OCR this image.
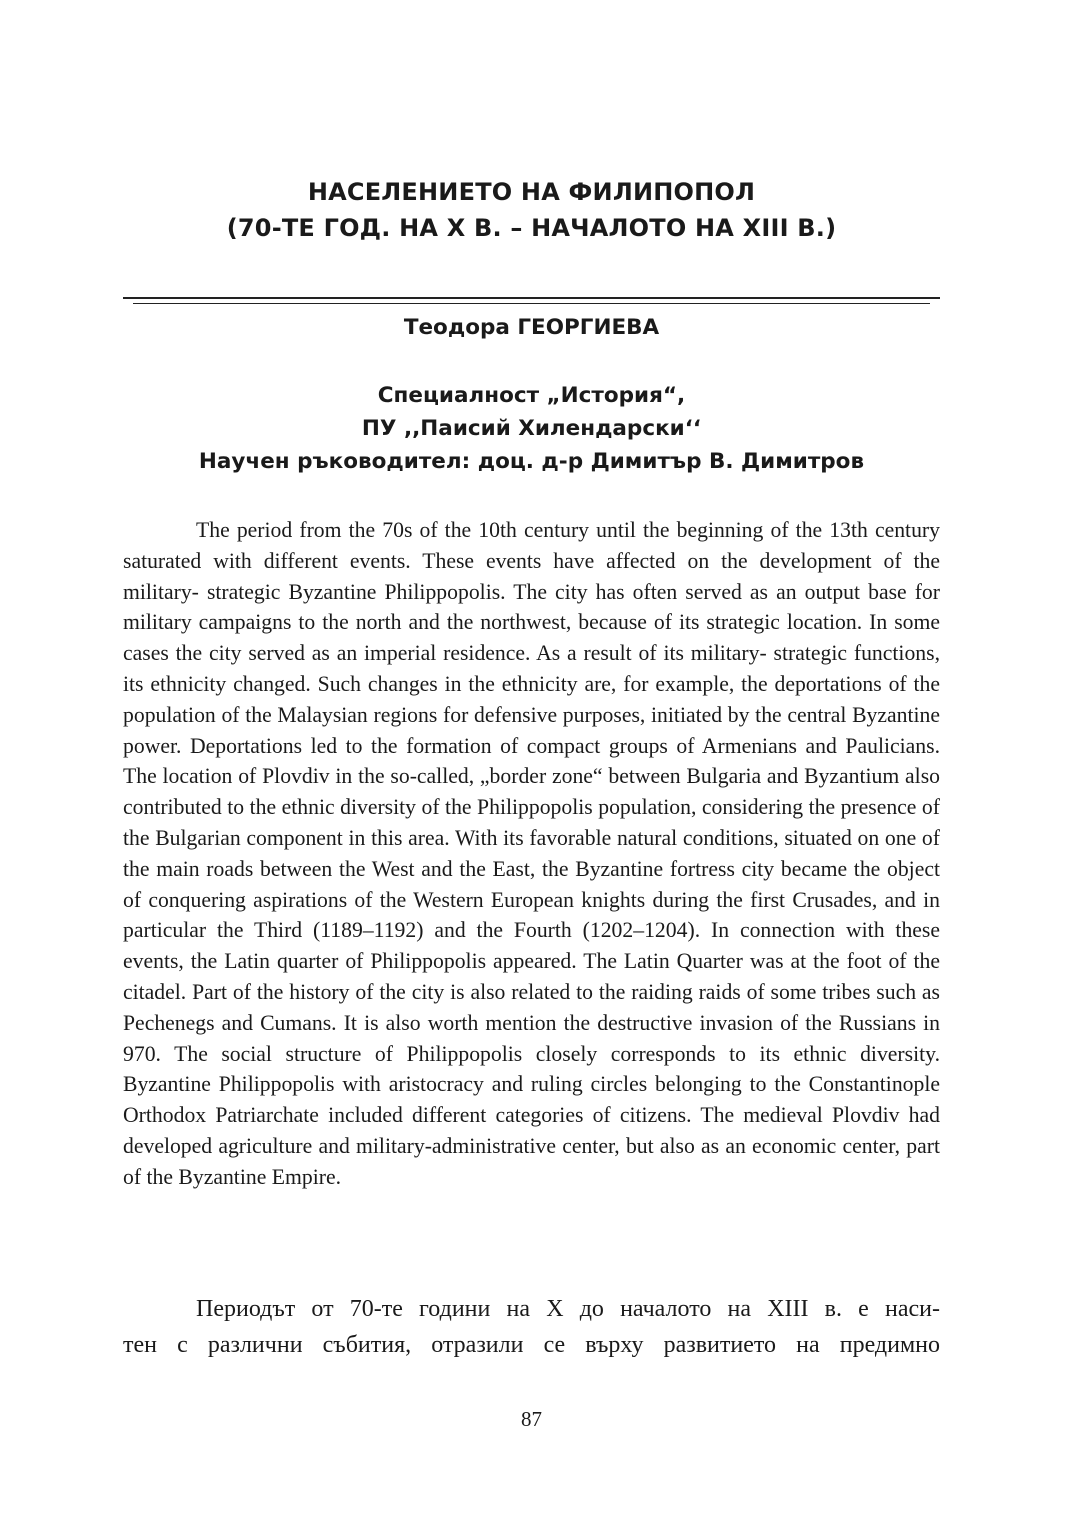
НАСЕЛЕНИЕТО НА ФИЛИПОПОЛ
(70-ТЕ ГОД. НА Х В. – НАЧАЛОТО НА ХIII В.)

Теодора ГЕОРГИЕВА

Специалност „История“,
ПУ ,,Паисий Хилендарски‘‘
Научен ръководител: доц. д-р Димитър В. Димитров

The period from the 70s of the 10th century until the beginning of the 13th century saturated with different events. These events have affected on the development of the military- strategic Byzantine Philippopolis. The city has often served as an output base for military campaigns to the north and the northwest, because of its strategic location. In some cases the city served as an imperial residence. As a result of its military- strategic functions, its ethnicity changed. Such changes in the ethnicity are, for example, the deportations of the population of the Malaysian regions for defensive purposes, initiated by the central Byzantine power. Deportations led to the formation of compact groups of Armenians and Paulicians. The location of Plovdiv in the so-called, „border zone“ between Bulgaria and Byzantium also contributed to the ethnic diversity of the Philippopolis population, considering the presence of the Bulgarian component in this area. With its favorable natural conditions, situated on one of the main roads between the West and the East, the Byzantine fortress city became the object of conquering aspirations of the Western European knights during the first Crusades, and in particular the Third (1189–1192) and the Fourth (1202–1204). In connection with these events, the Latin quarter of Philippopolis appeared. The Latin Quarter was at the foot of the citadel. Part of the history of the city is also related to the raiding raids of some tribes such as Pechenegs and Cumans. It is also worth mention the destructive invasion of the Russians in 970. The social structure of Philippopolis closely corresponds to its ethnic diversity. Byzantine Philippopolis with aristocracy and ruling circles belonging to the Constantinople Orthodox Patriarchate included different categories of citizens. The medieval Plovdiv had developed agriculture and military-administrative center, but also as an economic center, part of the Byzantine Empire.

Периодът от 70-те години на Х до началото на ХIII в. е наси-
тен с различни събития, отразили се върху развитието на предимно

87
